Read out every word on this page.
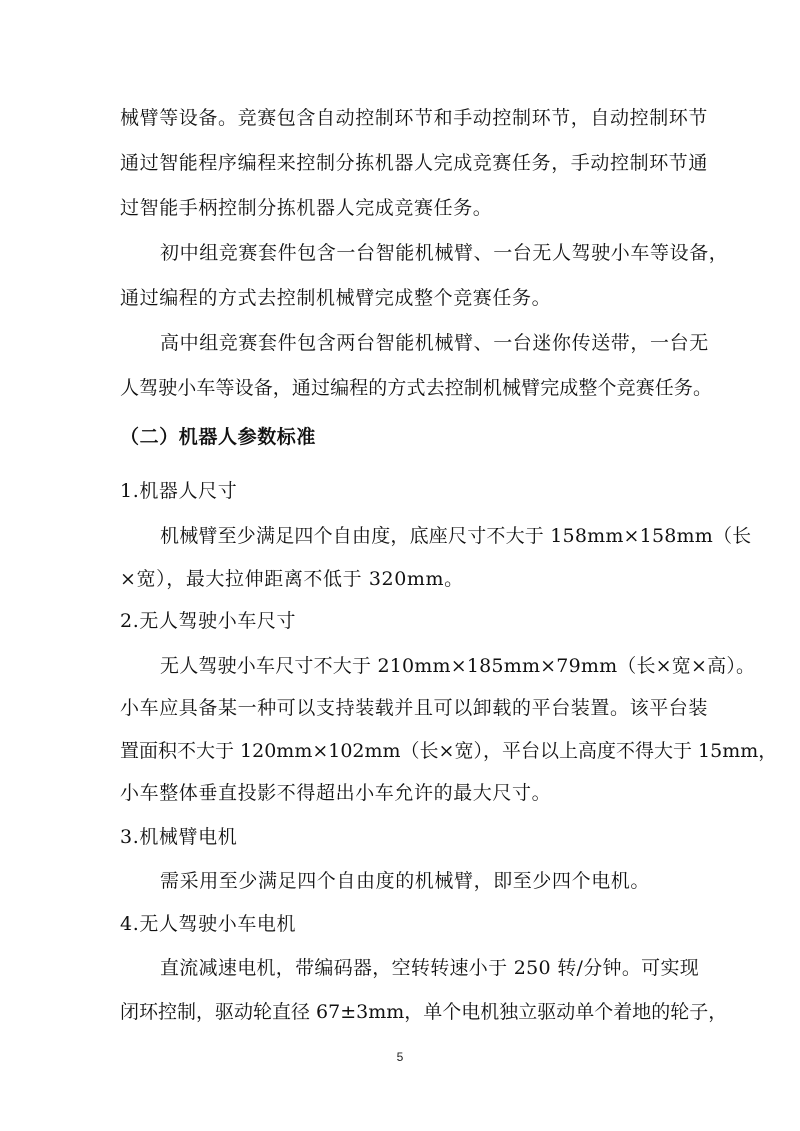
械臂等设备。竞赛包含自动控制环节和手动控制环节，自动控制环节
通过智能程序编程来控制分拣机器人完成竞赛任务，手动控制环节通
过智能手柄控制分拣机器人完成竞赛任务。
初中组竞赛套件包含一台智能机械臂、一台无人驾驶小车等设备，
通过编程的方式去控制机械臂完成整个竞赛任务。
高中组竞赛套件包含两台智能机械臂、一台迷你传送带，一台无
人驾驶小车等设备，通过编程的方式去控制机械臂完成整个竞赛任务。
（二）机器人参数标准
1.机器人尺寸
机械臂至少满足四个自由度，底座尺寸不大于 158mm×158mm（长
×宽），最大拉伸距离不低于 320mm。
2.无人驾驶小车尺寸
无人驾驶小车尺寸不大于 210mm×185mm×79mm（长×宽×高）。
小车应具备某一种可以支持装载并且可以卸载的平台装置。该平台装
置面积不大于 120mm×102mm（长×宽），平台以上高度不得大于 15mm，
小车整体垂直投影不得超出小车允许的最大尺寸。
3.机械臂电机
需采用至少满足四个自由度的机械臂，即至少四个电机。
4.无人驾驶小车电机
直流减速电机，带编码器，空转转速小于 250 转/分钟。可实现
闭环控制，驱动轮直径 67±3mm，单个电机独立驱动单个着地的轮子，
5
